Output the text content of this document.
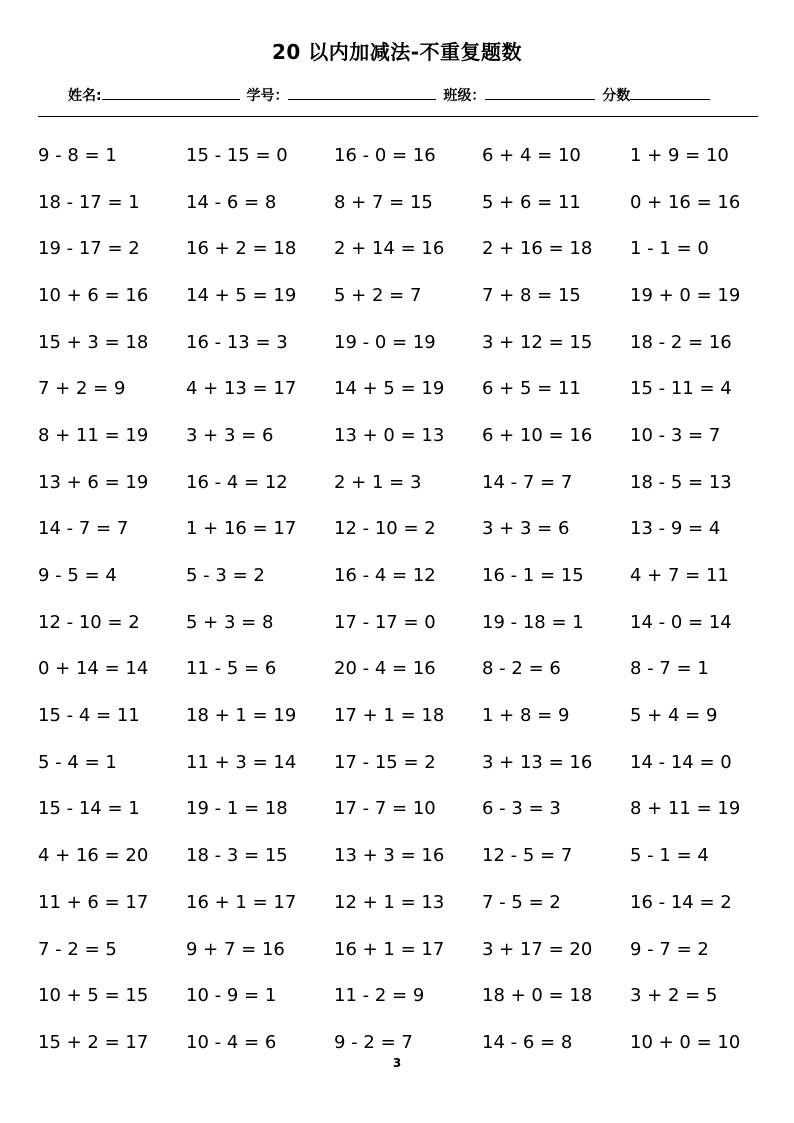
20 以内加减法-不重复题数
姓名:	学号：	班级：	分数
9 - 8 = 1	15 - 15 = 0	16 - 0 = 16	6 + 4 = 10	1 + 9 = 10
18 - 17 = 1	14 - 6 = 8	8 + 7 = 15	5 + 6 = 11	0 + 16 = 16
19 - 17 = 2	16 + 2 = 18	2 + 14 = 16	2 + 16 = 18	1 - 1 = 0
10 + 6 = 16	14 + 5 = 19	5 + 2 = 7	7 + 8 = 15	19 + 0 = 19
15 + 3 = 18	16 - 13 = 3	19 - 0 = 19	3 + 12 = 15	18 - 2 = 16
7 + 2 = 9	4 + 13 = 17	14 + 5 = 19	6 + 5 = 11	15 - 11 = 4
8 + 11 = 19	3 + 3 = 6	13 + 0 = 13	6 + 10 = 16	10 - 3 = 7
13 + 6 = 19	16 - 4 = 12	2 + 1 = 3	14 - 7 = 7	18 - 5 = 13
14 - 7 = 7	1 + 16 = 17	12 - 10 = 2	3 + 3 = 6	13 - 9 = 4
9 - 5 = 4	5 - 3 = 2	16 - 4 = 12	16 - 1 = 15	4 + 7 = 11
12 - 10 = 2	5 + 3 = 8	17 - 17 = 0	19 - 18 = 1	14 - 0 = 14
0 + 14 = 14	11 - 5 = 6	20 - 4 = 16	8 - 2 = 6	8 - 7 = 1
15 - 4 = 11	18 + 1 = 19	17 + 1 = 18	1 + 8 = 9	5 + 4 = 9
5 - 4 = 1	11 + 3 = 14	17 - 15 = 2	3 + 13 = 16	14 - 14 = 0
15 - 14 = 1	19 - 1 = 18	17 - 7 = 10	6 - 3 = 3	8 + 11 = 19
4 + 16 = 20	18 - 3 = 15	13 + 3 = 16	12 - 5 = 7	5 - 1 = 4
11 + 6 = 17	16 + 1 = 17	12 + 1 = 13	7 - 5 = 2	16 - 14 = 2
7 - 2 = 5	9 + 7 = 16	16 + 1 = 17	3 + 17 = 20	9 - 7 = 2
10 + 5 = 15	10 - 9 = 1	11 - 2 = 9	18 + 0 = 18	3 + 2 = 5
15 + 2 = 17	10 - 4 = 6	9 - 2 = 7	14 - 6 = 8	10 + 0 = 10
3
